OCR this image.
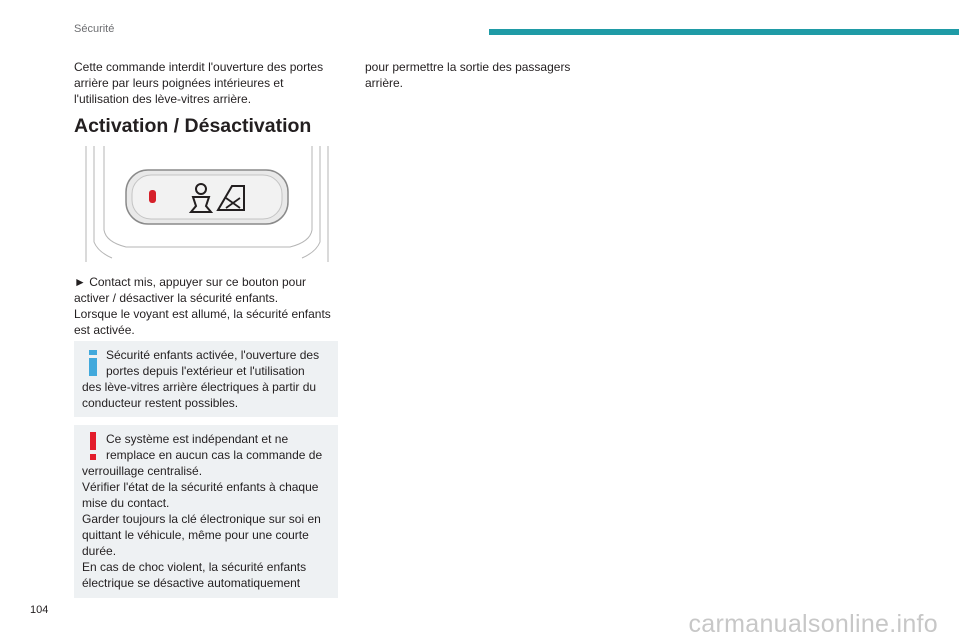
Sécurité

Cette commande interdit l'ouverture des portes arrière par leurs poignées intérieures et l'utilisation des lève-vitres arrière.

Activation / Désactivation

► Contact mis, appuyer sur ce bouton pour activer / désactiver la sécurité enfants.

Lorsque le voyant est allumé, la sécurité enfants est activée.

Sécurité enfants activée, l'ouverture des

portes depuis l'extérieur et l'utilisation

des lève-vitres arrière électriques à partir du conducteur restent possibles.

Ce système est indépendant et ne

remplace en aucun cas la commande de

verrouillage centralisé.

Vérifier l'état de la sécurité enfants à chaque mise du contact.

Garder toujours la clé électronique sur soi en quittant le véhicule, même pour une courte durée.

En cas de choc violent, la sécurité enfants électrique se désactive automatiquement

pour permettre la sortie des passagers arrière.

104	carmanualsonline.info
